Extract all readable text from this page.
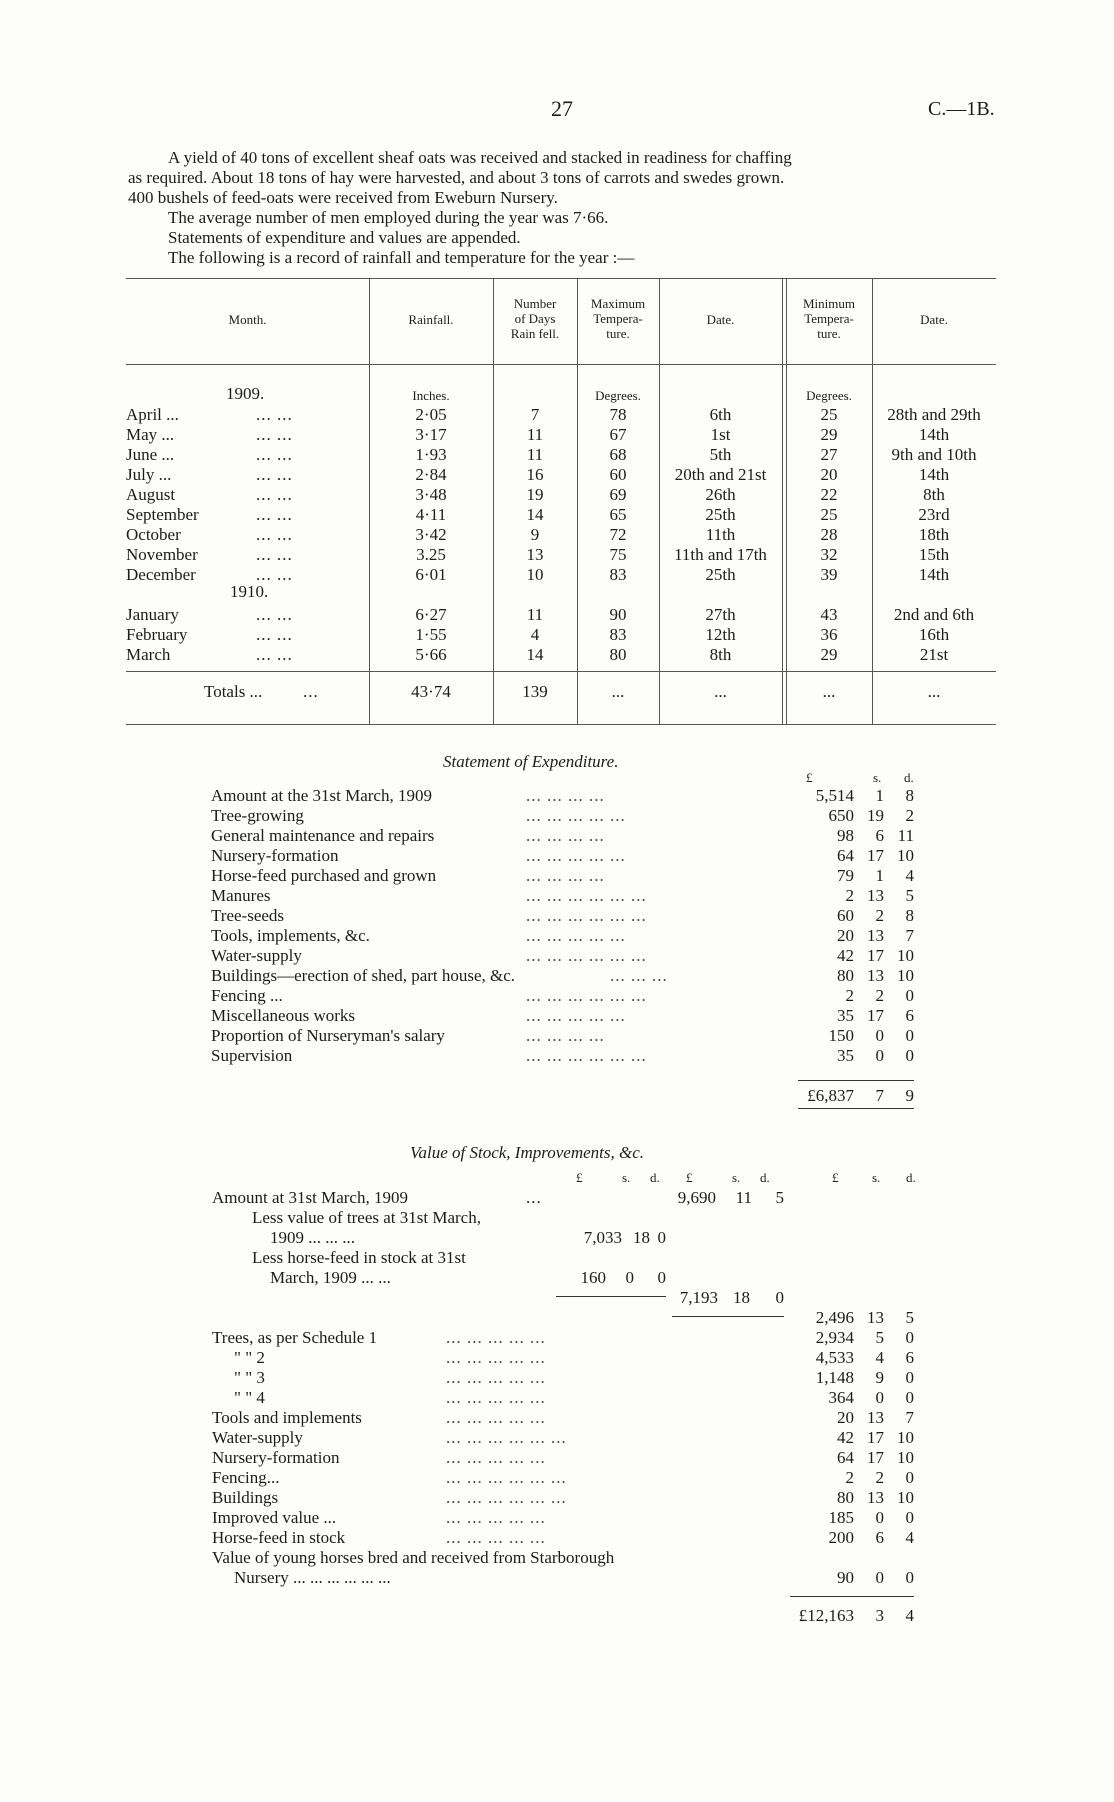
27	C.—1B.
A yield of 40 tons of excellent sheaf oats was received and stacked in readiness for chaffing
as required. About 18 tons of hay were harvested, and about 3 tons of carrots and swedes grown.
400 bushels of feed-oats were received from Eweburn Nursery.
The average number of men employed during the year was 7·66.
Statements of expenditure and values are appended.
The following is a record of rainfall and temperature for the year :—
Month.	Rainfall.
Number
of Days
Rain fell.
Maximum
Tempera-
ture.
Date.
Minimum
Tempera-
ture.
Date.
Inches.	Degrees.	Degrees.
1909.
1910.
April ...	... ...	2·05	7	78	6th	25	28th and 29th
May ...	... ...	3·17	11	67	1st	29	14th
June ...	... ...	1·93	11	68	5th	27	9th and 10th
July ...	... ...	2·84	16	60	20th and 21st	20	14th
August	... ...	3·48	19	69	26th	22	8th
September	... ...	4·11	14	65	25th	25	23rd
October	... ...	3·42	9	72	11th	28	18th
November	... ...	3.25	13	75	11th and 17th	32	15th
December	... ...	6·01	10	83	25th	39	14th
January	... ...	6·27	11	90	27th	43	2nd and 6th
February	... ...	1·55	4	83	12th	36	16th
March	... ...	5·66	14	80	8th	29	21st
Totals ... ...	43·74	139	...	...	...	...
Statement of Expenditure.
£	s. d.
Amount at the 31st March, 1909	... ... ... ...	5,514	1	8
Tree-growing	... ... ... ... ...	650 19	2
General maintenance and repairs	... ... ... ...	98	6 11
Nursery-formation	... ... ... ... ...	64 17 10
Horse-feed purchased and grown	... ... ... ...	79	1	4
Manures	... ... ... ... ... ...	2 13	5
Tree-seeds	... ... ... ... ... ...	60	2	8
Tools, implements, &c.	... ... ... ... ...	20 13	7
Water-supply	... ... ... ... ... ...	42 17 10
Buildings—erection of shed, part house, &c.	... ... ...	80 13 10
Fencing ...	... ... ... ... ... ...	2	2	0
Miscellaneous works	... ... ... ... ...	35 17	6
Proportion of Nurseryman's salary	... ... ... ...	150	0	0
Supervision	... ... ... ... ... ...	35	0	0
£6,837	7	9
Value of Stock, Improvements, &c.
£	s. d. £	s. d.	£	s. d.
Amount at 31st March, 1909	...	9,690	11	5
Less value of trees at 31st March,
1909 ... ... ...	7,033 18 0
Less horse-feed in stock at 31st
March, 1909 ... ...	160	0	0
7,193 18	0
2,496 13	5
Trees, as per Schedule 1	... ... ... ... ...	2,934	5	0
" " 2	... ... ... ... ...	4,533	4	6
" " 3	... ... ... ... ...	1,148	9	0
" " 4	... ... ... ... ...	364	0	0
Tools and implements	... ... ... ... ...	20 13	7
Water-supply	... ... ... ... ... ...	42 17 10
Nursery-formation	... ... ... ... ...	64 17 10
Fencing...	... ... ... ... ... ...	2	2	0
Buildings	... ... ... ... ... ...	80 13 10
Improved value ...	... ... ... ... ...	185	0	0
Horse-feed in stock	... ... ... ... ...	200	6	4
Value of young horses bred and received from Starborough
Nursery ... ... ... ... ... ...	90	0	0
£12,163	3	4
